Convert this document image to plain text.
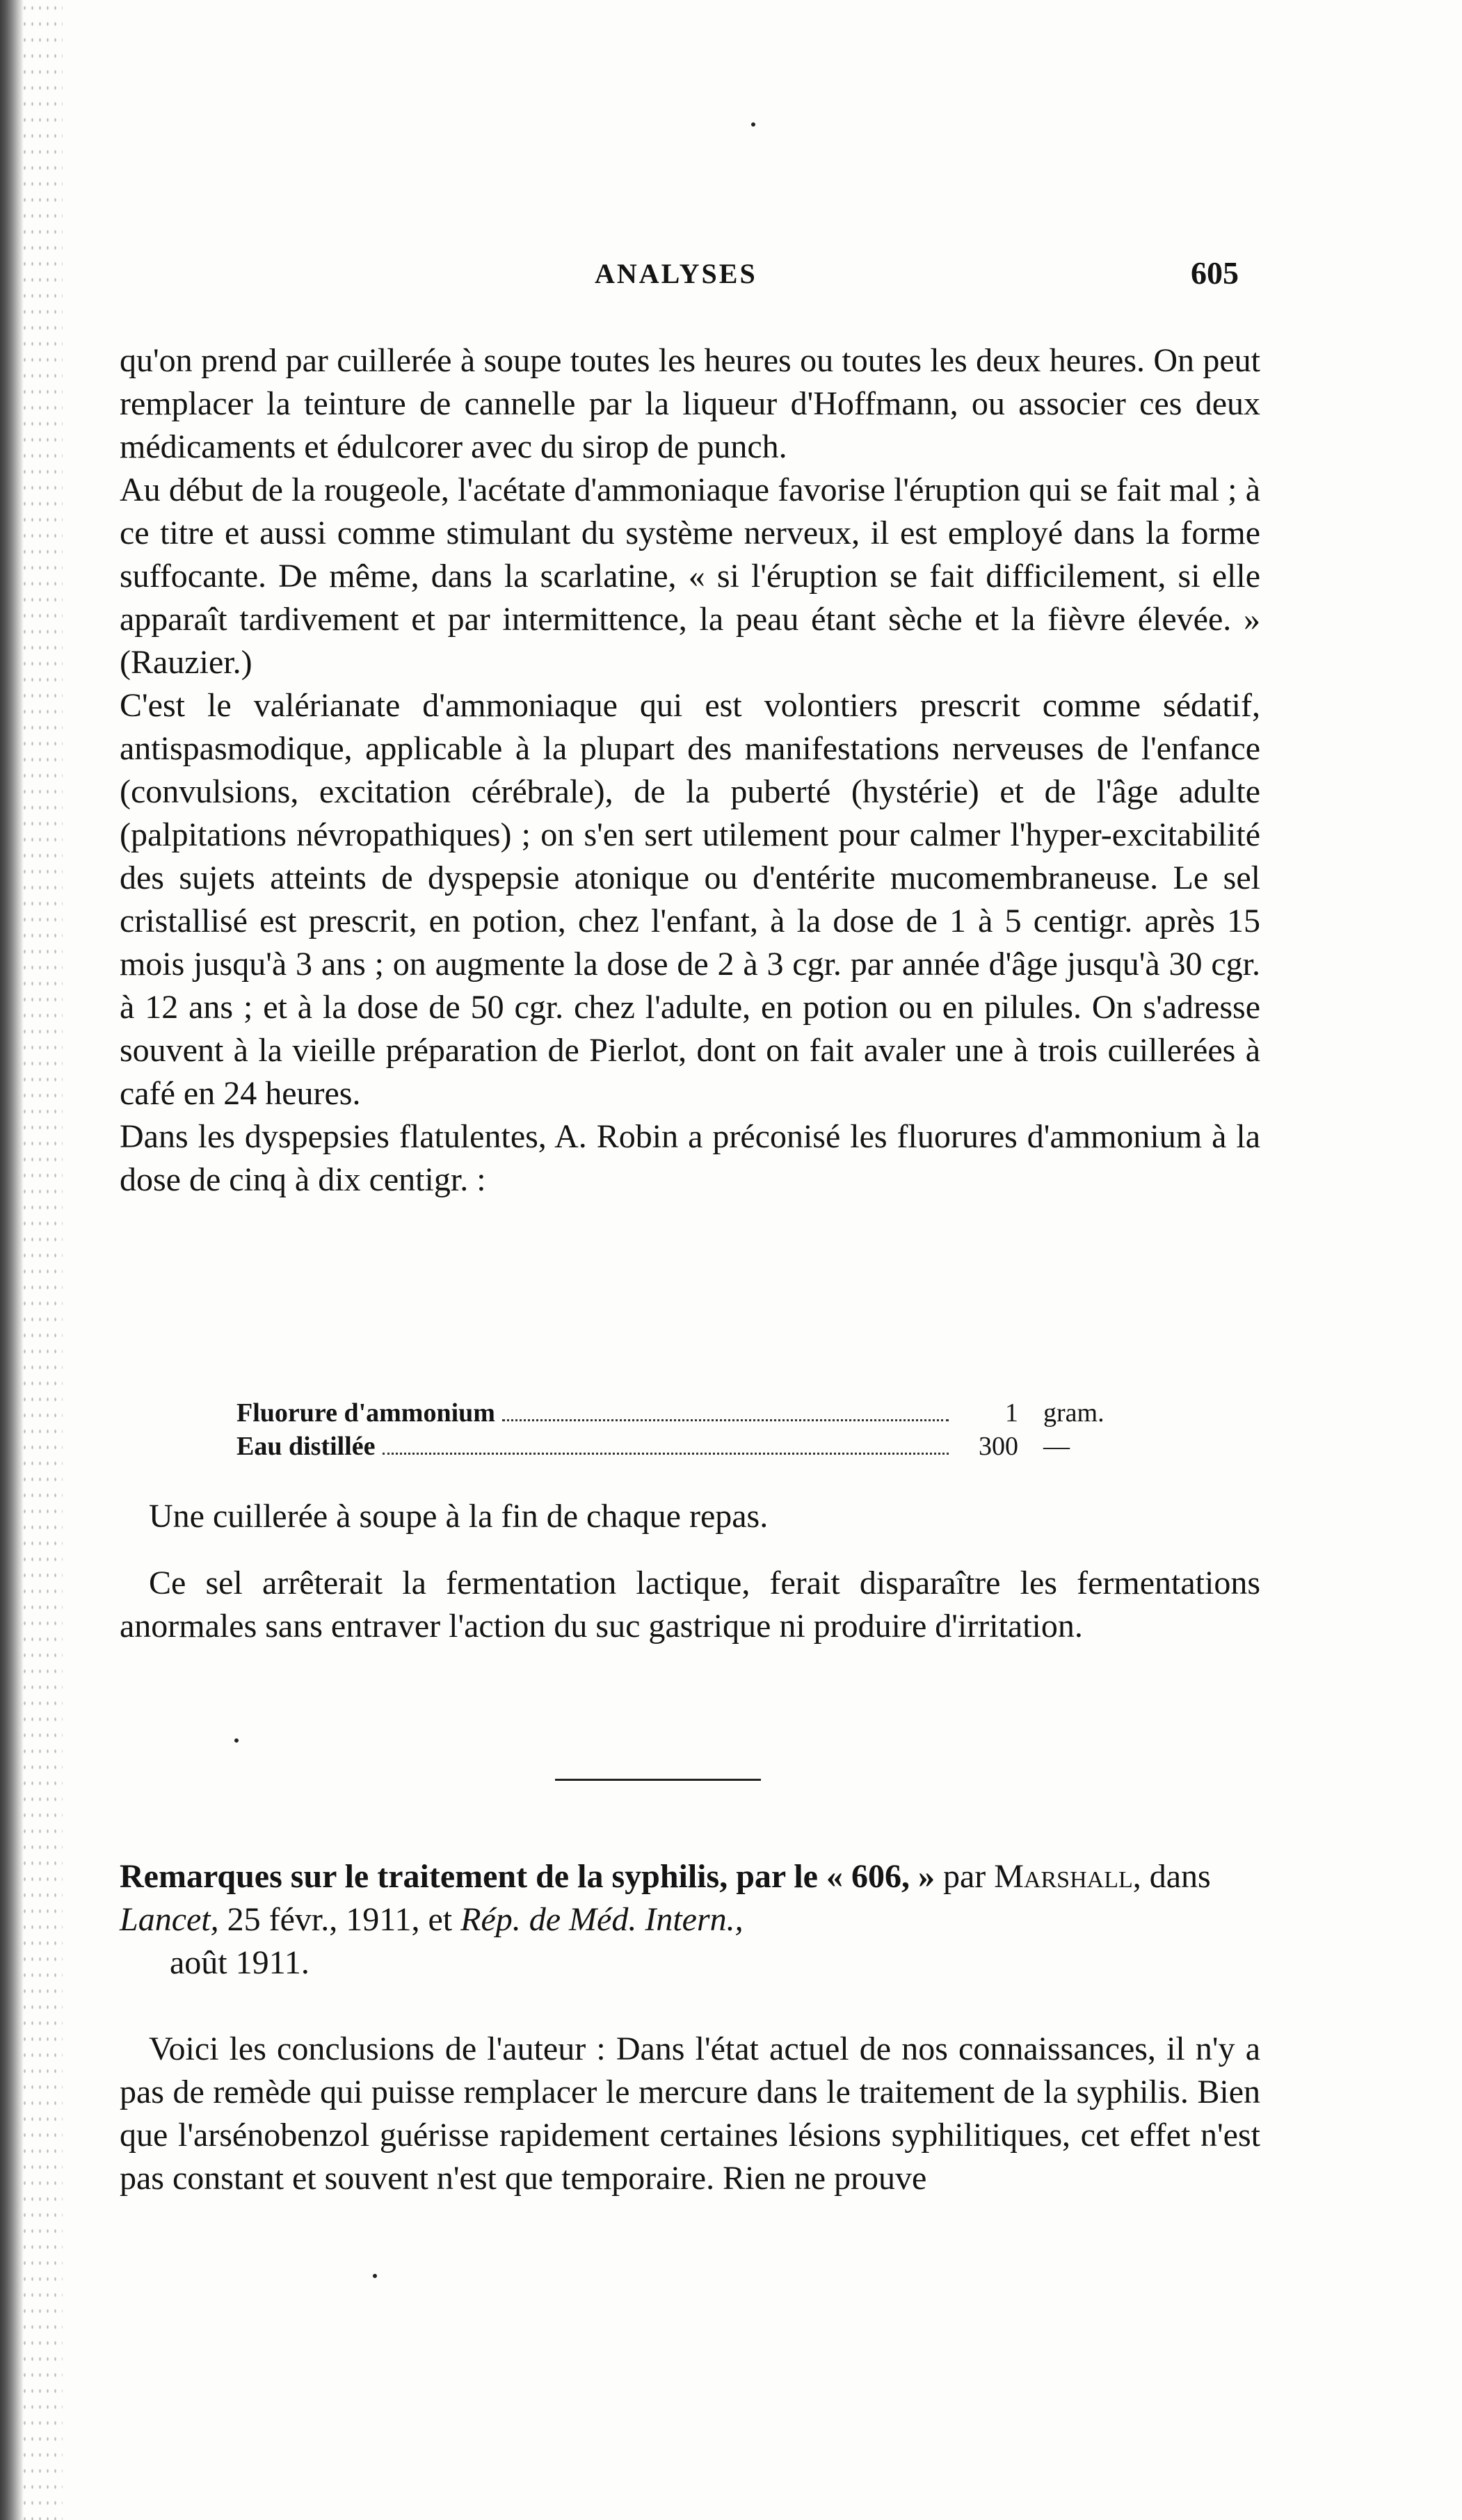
ANALYSES	605

qu'on prend par cuillerée à soupe toutes les heures ou toutes les deux heures. On peut remplacer la teinture de cannelle par la liqueur d'Hoffmann, ou associer ces deux médicaments et édulcorer avec du sirop de punch.

Au début de la rougeole, l'acétate d'ammoniaque favorise l'éruption qui se fait mal ; à ce titre et aussi comme stimulant du système nerveux, il est employé dans la forme suffocante. De même, dans la scarlatine, « si l'éruption se fait difficilement, si elle apparaît tardivement et par intermittence, la peau étant sèche et la fièvre élevée. » (Rauzier.)

C'est le valérianate d'ammoniaque qui est volontiers prescrit comme sédatif, antispasmodique, applicable à la plupart des manifestations nerveuses de l'enfance (convulsions, excitation cérébrale), de la puberté (hystérie) et de l'âge adulte (palpitations névropathiques) ; on s'en sert utilement pour calmer l'hyper-excitabilité des sujets atteints de dyspepsie atonique ou d'entérite mucomembraneuse. Le sel cristallisé est prescrit, en potion, chez l'enfant, à la dose de 1 à 5 centigr. après 15 mois jusqu'à 3 ans ; on augmente la dose de 2 à 3 cgr. par année d'âge jusqu'à 30 cgr. à 12 ans ; et à la dose de 50 cgr. chez l'adulte, en potion ou en pilules. On s'adresse souvent à la vieille préparation de Pierlot, dont on fait avaler une à trois cuillerées à café en 24 heures.

Dans les dyspepsies flatulentes, A. Robin a préconisé les fluorures d'ammonium à la dose de cinq à dix centigr. :

Fluorure d'ammonium	1 gram.
Eau distillée	300 —

Une cuillerée à soupe à la fin de chaque repas.

Ce sel arrêterait la fermentation lactique, ferait disparaître les fermentations anormales sans entraver l'action du suc gastrique ni produire d'irritation.

Remarques sur le traitement de la syphilis, par le « 606, » par Marshall, dans Lancet, 25 févr., 1911, et Rép. de Méd. Intern.,
août 1911.

Voici les conclusions de l'auteur : Dans l'état actuel de nos connaissances, il n'y a pas de remède qui puisse remplacer le mercure dans le traitement de la syphilis. Bien que l'arsénobenzol guérisse rapidement certaines lésions syphilitiques, cet effet n'est pas constant et souvent n'est que temporaire. Rien ne prouve
